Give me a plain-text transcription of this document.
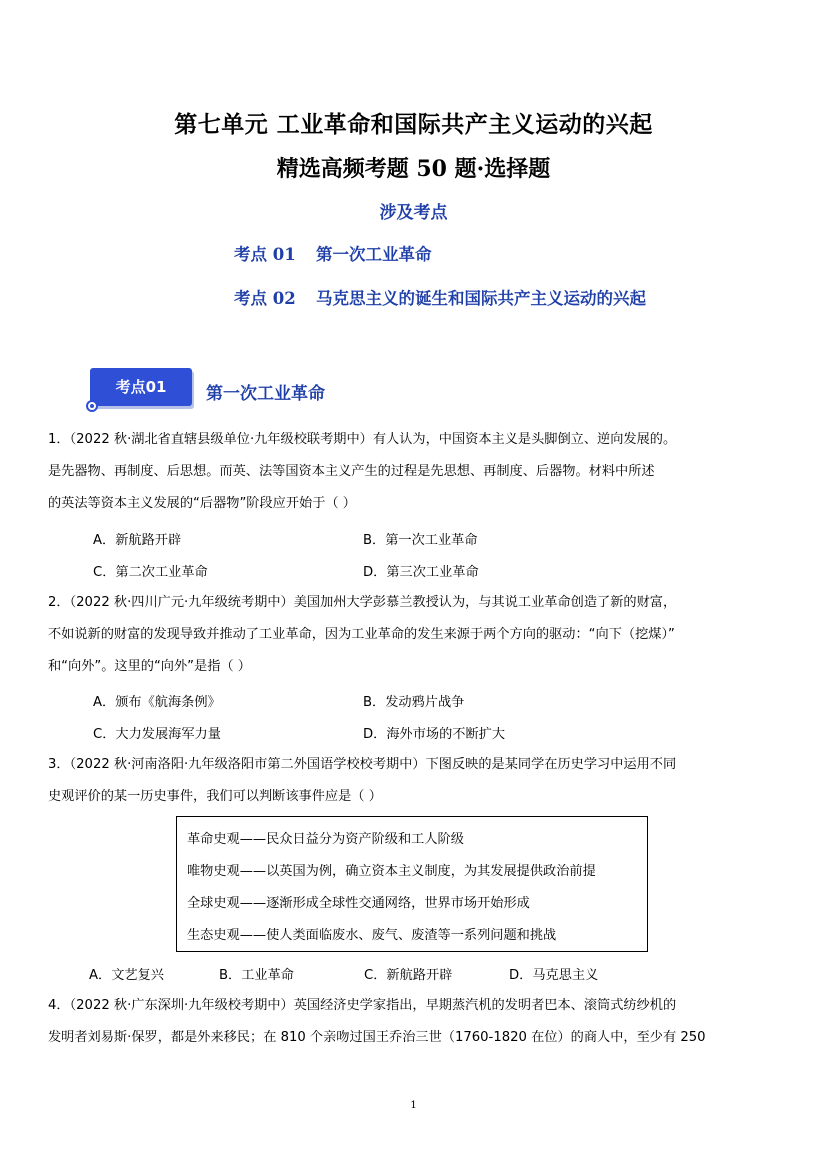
第七单元 工业革命和国际共产主义运动的兴起
精选高频考题 50 题·选择题
涉及考点
考点 01 第一次工业革命
考点 02 马克思主义的诞生和国际共产主义运动的兴起
考点01	第一次工业革命

1．（2022 秋·湖北省直辖县级单位·九年级校联考期中）有人认为，中国资本主义是头脚倒立、逆向发展的。

是先器物、再制度、后思想。而英、法等国资本主义产生的过程是先思想、再制度、后器物。材料中所述

的英法等资本主义发展的“后器物”阶段应开始于（ ）

A．新航路开辟	B．第一次工业革命
C．第二次工业革命	D．第三次工业革命

2．（2022 秋·四川广元·九年级统考期中）美国加州大学彭慕兰教授认为，与其说工业革命创造了新的财富，

不如说新的财富的发现导致并推动了工业革命，因为工业革命的发生来源于两个方向的驱动：“向下（挖煤）”

和“向外”。这里的“向外”是指（ ）

A．颁布《航海条例》	B．发动鸦片战争
C．大力发展海军力量	D．海外市场的不断扩大

3．（2022 秋·河南洛阳·九年级洛阳市第二外国语学校校考期中）下图反映的是某同学在历史学习中运用不同

史观评价的某一历史事件，我们可以判断该事件应是（ ）

革命史观——民众日益分为资产阶级和工人阶级

唯物史观——以英国为例，确立资本主义制度，为其发展提供政治前提

全球史观——逐渐形成全球性交通网络，世界市场开始形成

生态史观——使人类面临废水、废气、废渣等一系列问题和挑战

A．文艺复兴	B．工业革命	C．新航路开辟	D．马克思主义

4．（2022 秋·广东深圳·九年级校考期中）英国经济史学家指出，早期蒸汽机的发明者巴本、滚筒式纺纱机的

发明者刘易斯·保罗，都是外来移民；在 810 个亲吻过国王乔治三世（1760-1820 在位）的商人中，至少有 250

1
